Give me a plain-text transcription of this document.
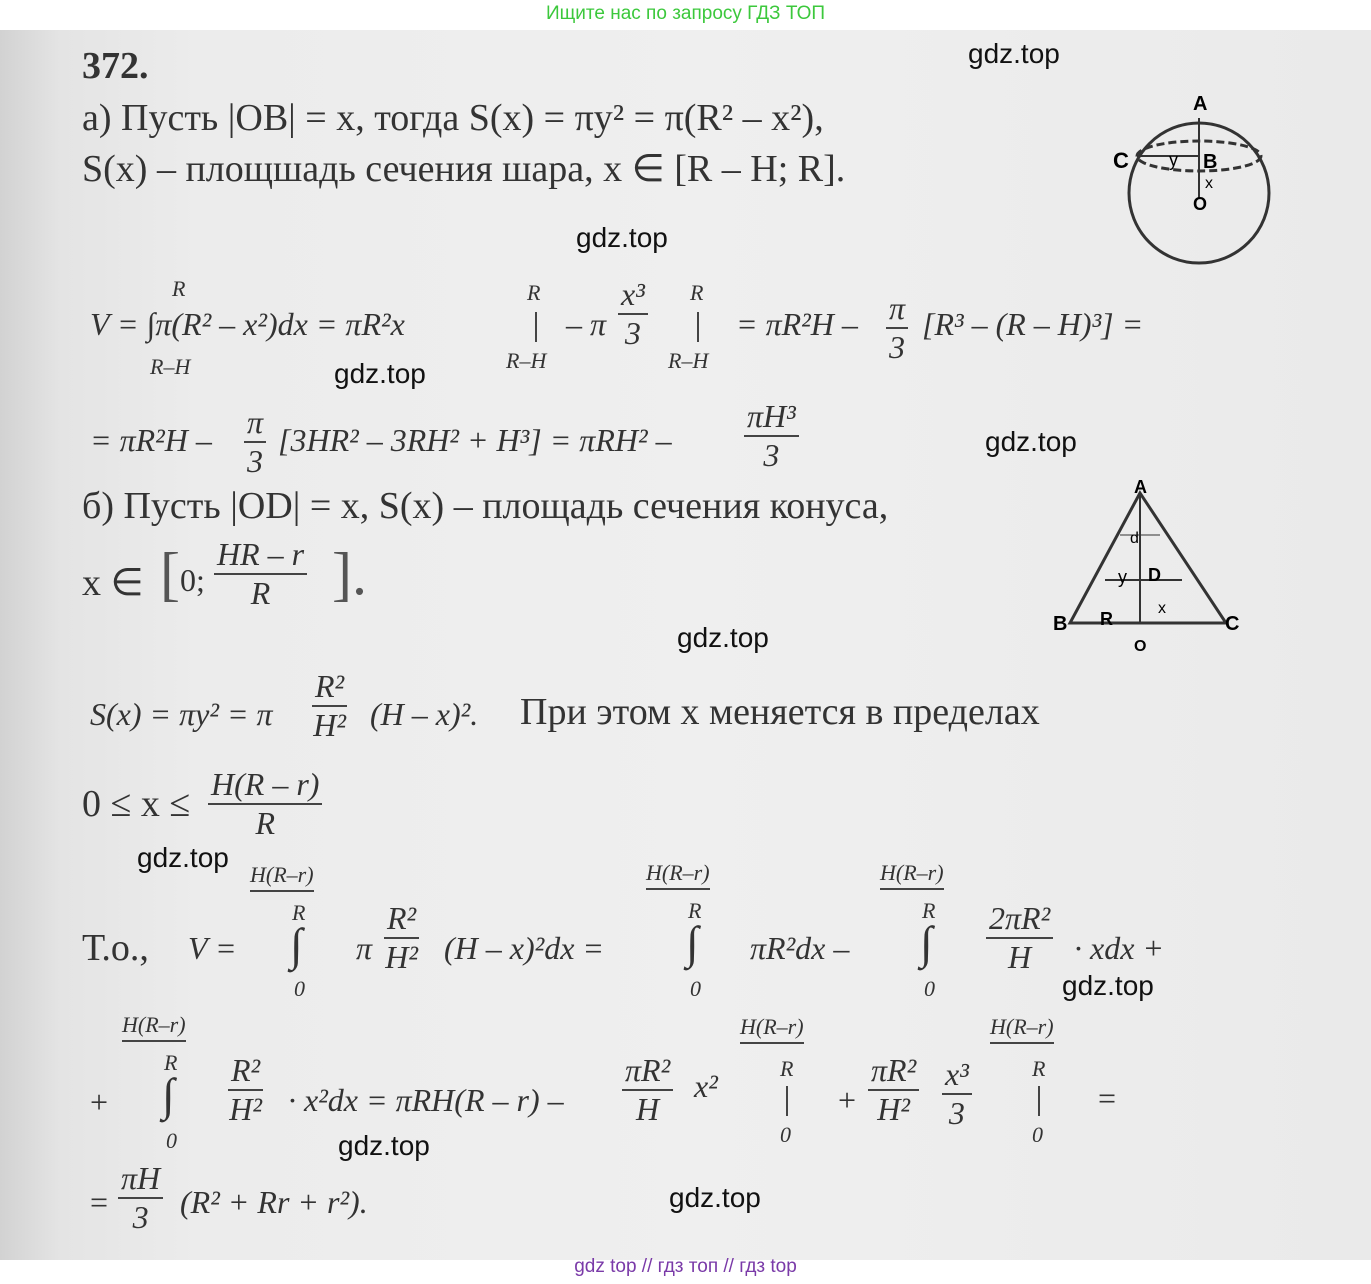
Ищите нас по запросу ГДЗ ТОП
372.
а) Пусть |OB| = x, тогда S(x) = πy² = π(R² – x²),
S(x) – площшадь сечения шара, x ∈ [R – H; R].
A
C y B
x
O
gdz.top
gdz.top
V = ∫π(R² – x²)dx = πR²x
R
R–H
R
R–H
– π $\frac{\text{x³}}{3}$ R
R–H
= $\pi R^2H - \frac{\pi}{3} [R^3 - (R - H)^3]$ =
gdz.top
= $\pi R^2H - \frac{\pi}{3} [3HR^2 - 3RH^2 + H^3] = \pi RH^2 - \frac{\text{πH³}}{3}$	gdz.top
б) Пусть |OD| = x, S(x) – площадь сечения конуса,
x ∈ [ 0; $\frac{HR - r}{R}$ ].
A
d
y D
x
B R	C
O
gdz.top
S(x) = πy² = π $\frac{\text{R²}}{\text{H²}} (H - x)^2$. При этом x меняется в пределах
$0 \le x \le \frac{H(R - r)}{R}$
gdz.top
Т.о., V =
H(R–r)
R
∫
0
π $\frac{\text{R²}}{\text{H²}} (H - x)^2dx$ =
H(R–r)
R
∫
0
πR²dx –
H(R–r)
R
∫
0
$\frac{\text{2πR²}}{H}$ · xdx +
gdz.top
+
H(R–r)
R
∫
0
$\frac{\text{R²}}{\text{H²}} \cdot x^2dx = \pi RH(R - r) - \frac{\text{πR²}}{H} x^2$
H(R–r)
R
0
+ $\frac{\text{πR²}}{\text{H²}} \frac{\text{x³}}{3}$
H(R–r)
R
0
=
gdz.top
= $\frac{\pi H}{3} (R^2 + Rr + r^2)$.	gdz.top
gdz top // гдз топ // гдз top
